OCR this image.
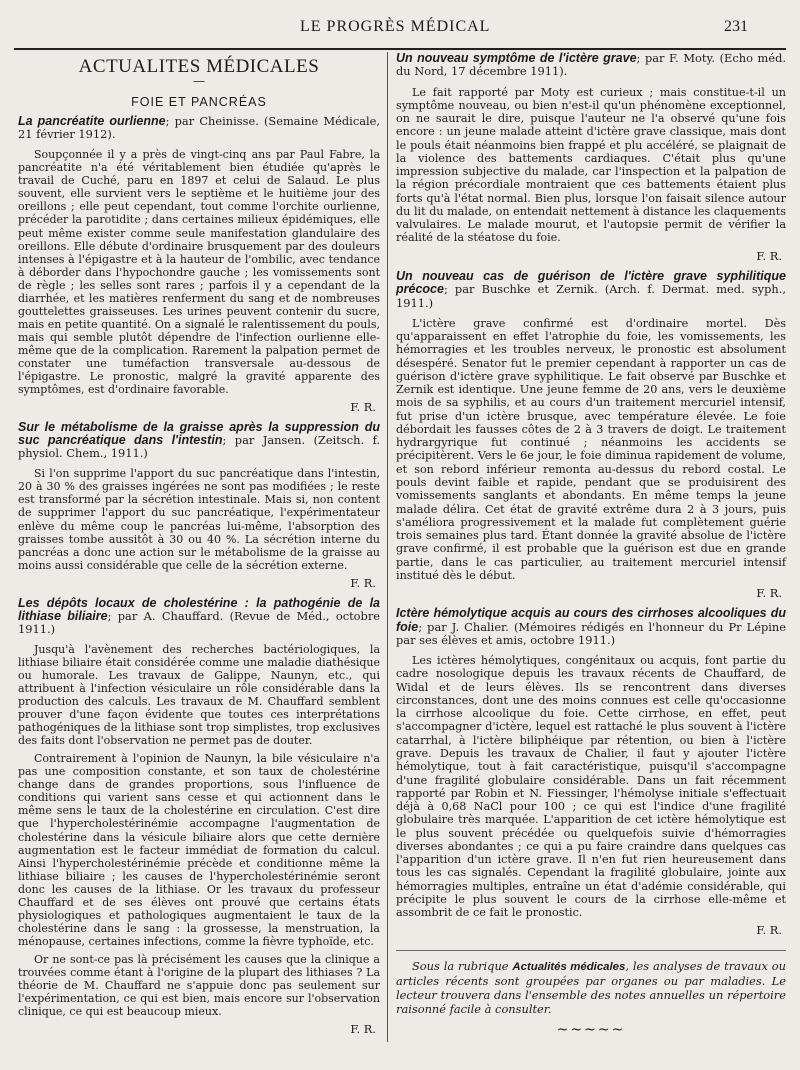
LE PROGRÈS MÉDICAL	231
ACTUALITES MÉDICALES
—
FOIE ET PANCRÉAS
La pancréatite ourlienne; par Cheinisse. (Semaine Médicale, 21 février 1912).

Soupçonnée il y a près de vingt-cinq ans par Paul Fabre, la pancréatite n'a été véritablement bien étudiée qu'après le travail de Cuché, paru en 1897 et celui de Salaud. Le plus souvent, elle survient vers le septième et le huitième jour des oreillons ; elle peut cependant, tout comme l'orchite ourlienne, précéder la parotidite ; dans certaines milieux épidémiques, elle peut même exister comme seule manifestation glandulaire des oreillons. Elle débute d'ordinaire brusquement par des douleurs intenses à l'épigastre et à la hauteur de l'ombilic, avec tendance à déborder dans l'hypochondre gauche ; les vomissements sont de règle ; les selles sont rares ; parfois il y a cependant de la diarrhée, et les matières renferment du sang et de nombreuses gouttelettes graisseuses. Les urines peuvent contenir du sucre, mais en petite quantité. On a signalé le ralentissement du pouls, mais qui semble plutôt dépendre de l'infection ourlienne elle-même que de la complication. Rarement la palpation permet de constater une tuméfaction transversale au-dessous de l'épigastre. Le pronostic, malgré la gravité apparente des symptômes, est d'ordinaire favorable.

F. R.
Sur le métabolisme de la graisse après la suppression du suc pancréatique dans l'intestin; par Jansen. (Zeitsch. f. physiol. Chem., 1911.)

Si l'on supprime l'apport du suc pancréatique dans l'intestin, 20 à 30 % des graisses ingérées ne sont pas modifiées ; le reste est transformé par la sécrétion intestinale. Mais si, non content de supprimer l'apport du suc pancréatique, l'expérimentateur enlève du même coup le pancréas lui-même, l'absorption des graisses tombe aussitôt à 30 ou 40 %. La sécrétion interne du pancréas a donc une action sur le métabolisme de la graisse au moins aussi considérable que celle de la sécrétion externe.

F. R.
Les dépôts locaux de cholestérine : la pathogénie de la lithiase biliaire; par A. Chauffard. (Revue de Méd., octobre 1911.)

Jusqu'à l'avènement des recherches bactériologiques, la lithiase biliaire était considérée comme une maladie diathésique ou humorale. Les travaux de Galippe, Naunyn, etc., qui attribuent à l'infection vésiculaire un rôle considérable dans la production des calculs. Les travaux de M. Chauffard semblent prouver d'une façon évidente que toutes ces interprétations pathogéniques de la lithiase sont trop simplistes, trop exclusives des faits dont l'observation ne permet pas de douter.

Contrairement à l'opinion de Naunyn, la bile vésiculaire n'a pas une composition constante, et son taux de cholestérine change dans de grandes proportions, sous l'influence de conditions qui varient sans cesse et qui actionnent dans le même sens le taux de la cholestérine en circulation. C'est dire que l'hypercholestérinémie accompagne l'augmentation de cholestérine dans la vésicule biliaire alors que cette dernière augmentation est le facteur immédiat de formation du calcul. Ainsi l'hypercholestérinémie précède et conditionne même la lithiase biliaire ; les causes de l'hypercholestérinémie seront donc les causes de la lithiase. Or les travaux du professeur Chauffard et de ses élèves ont prouvé que certains états physiologiques et pathologiques augmentaient le taux de la cholestérine dans le sang : la grossesse, la menstruation, la ménopause, certaines infections, comme la fièvre typhoïde, etc.

Or ne sont-ce pas là précisément les causes que la clinique a trouvées comme étant à l'origine de la plupart des lithiases ? La théorie de M. Chauffard ne s'appuie donc pas seulement sur l'expérimentation, ce qui est bien, mais encore sur l'observation clinique, ce qui est beaucoup mieux.

F. R.
Un nouveau symptôme de l'ictère grave; par F. Moty. (Echo méd. du Nord, 17 décembre 1911).

Le fait rapporté par Moty est curieux ; mais constitue-t-il un symptôme nouveau, ou bien n'est-il qu'un phénomène exceptionnel, on ne saurait le dire, puisque l'auteur ne l'a observé qu'une fois encore : un jeune malade atteint d'ictère grave classique, mais dont le pouls était néanmoins bien frappé et plu accéléré, se plaignait de la violence des battements cardiaques. C'était plus qu'une impression subjective du malade, car l'inspection et la palpation de la région précordiale montraient que ces battements étaient plus forts qu'à l'état normal. Bien plus, lorsque l'on faisait silence autour du lit du malade, on entendait nettement à distance les claquements valvulaires. Le malade mourut, et l'autopsie permit de vérifier la réalité de la stéatose du foie.

F. R.
Un nouveau cas de guérison de l'ictère grave syphilitique précoce; par Buschke et Zernik. (Arch. f. Dermat. med. syph., 1911.)

L'ictère grave confirmé est d'ordinaire mortel. Dès qu'apparaissent en effet l'atrophie du foie, les vomissements, les hémorragies et les troubles nerveux, le pronostic est absolument désespéré. Senator fut le premier cependant à rapporter un cas de guérison d'ictère grave syphilitique. Le fait observé par Buschke et Zernik est identique. Une jeune femme de 20 ans, vers le deuxième mois de sa syphilis, et au cours d'un traitement mercuriel intensif, fut prise d'un ictère brusque, avec température élevée. Le foie débordait les fausses côtes de 2 à 3 travers de doigt. Le traitement hydrargyrique fut continué ; néanmoins les accidents se précipitèrent. Vers le 6e jour, le foie diminua rapidement de volume, et son rebord inférieur remonta au-dessus du rebord costal. Le pouls devint faible et rapide, pendant que se produisirent des vomissements sanglants et abondants. En même temps la jeune malade délira. Cet état de gravité extrême dura 2 à 3 jours, puis s'améliora progressivement et la malade fut complètement guérie trois semaines plus tard. Étant donnée la gravité absolue de l'ictère grave confirmé, il est probable que la guérison est due en grande partie, dans le cas particulier, au traitement mercuriel intensif institué dès le début.

F. R.
Ictère hémolytique acquis au cours des cirrhoses alcooliques du foie; par J. Chalier. (Mémoires rédigés en l'honneur du Pr Lépine par ses élèves et amis, octobre 1911.)

Les ictères hémolytiques, congénitaux ou acquis, font partie du cadre nosologique depuis les travaux récents de Chauffard, de Widal et de leurs élèves. Ils se rencontrent dans diverses circonstances, dont une des moins connues est celle qu'occasionne la cirrhose alcoolique du foie. Cette cirrhose, en effet, peut s'accompagner d'ictère, lequel est rattaché le plus souvent à l'ictère catarrhal, à l'ictère biliphéique par rétention, ou bien à l'ictère grave. Depuis les travaux de Chalier, il faut y ajouter l'ictère hémolytique, tout à fait caractéristique, puisqu'il s'accompagne d'une fragilité globulaire considérable. Dans un fait récemment rapporté par Robin et N. Fiessinger, l'hémolyse initiale s'effectuait déjà à 0,68 NaCl pour 100 ; ce qui est l'indice d'une fragilité globulaire très marquée. L'apparition de cet ictère hémolytique est le plus souvent précédée ou quelquefois suivie d'hémorragies diverses abondantes ; ce qui a pu faire craindre dans quelques cas l'apparition d'un ictère grave. Il n'en fut rien heureusement dans tous les cas signalés. Cependant la fragilité globulaire, jointe aux hémorragies multiples, entraîne un état d'adémie considérable, qui précipite le plus souvent le cours de la cirrhose elle-même et assombrit de ce fait le pronostic.

F. R.
Sous la rubrique Actualités médicales, les analyses de travaux ou articles récents sont groupées par organes ou par maladies. Le lecteur trouvera dans l'ensemble des notes annuelles un répertoire raisonné facile à consulter.
~~~~~
